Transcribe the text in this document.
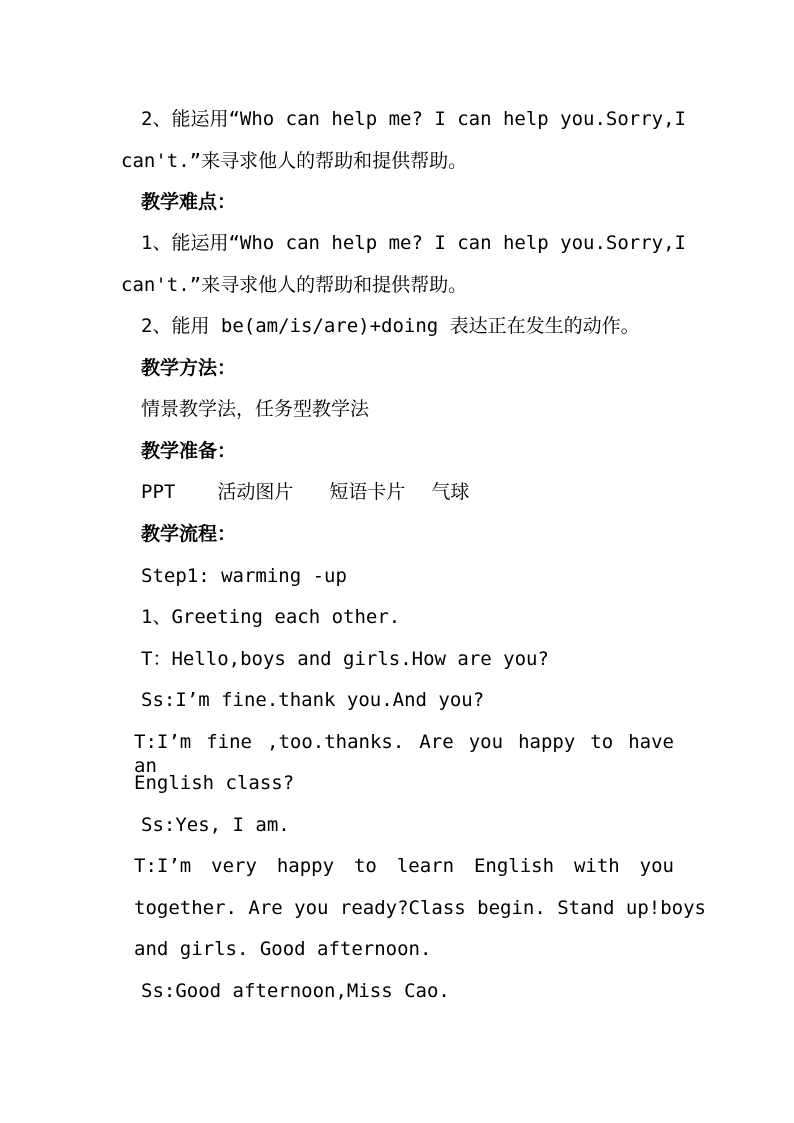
2、能运用“Who can help me? I can help you.Sorry,I
can't.”来寻求他人的帮助和提供帮助。
教学难点：
1、能运用“Who can help me? I can help you.Sorry,I
can't.”来寻求他人的帮助和提供帮助。
2、能用 be(am/is/are)+doing 表达正在发生的动作。
教学方法：
情景教学法，任务型教学法
教学准备：
PPT 活动图片 短语卡片 气球
教学流程：
Step1: warming -up
1、Greeting each other.
T：Hello,boys and girls.How are you?
Ss:I’m fine.thank you.And you?
T:I’m fine ,too.thanks. Are you happy to have an
English class?
Ss:Yes, I am.
T:I’m very happy to learn English with you
together. Are you ready?Class begin. Stand up!boys
and girls. Good afternoon.
Ss:Good afternoon,Miss Cao.
